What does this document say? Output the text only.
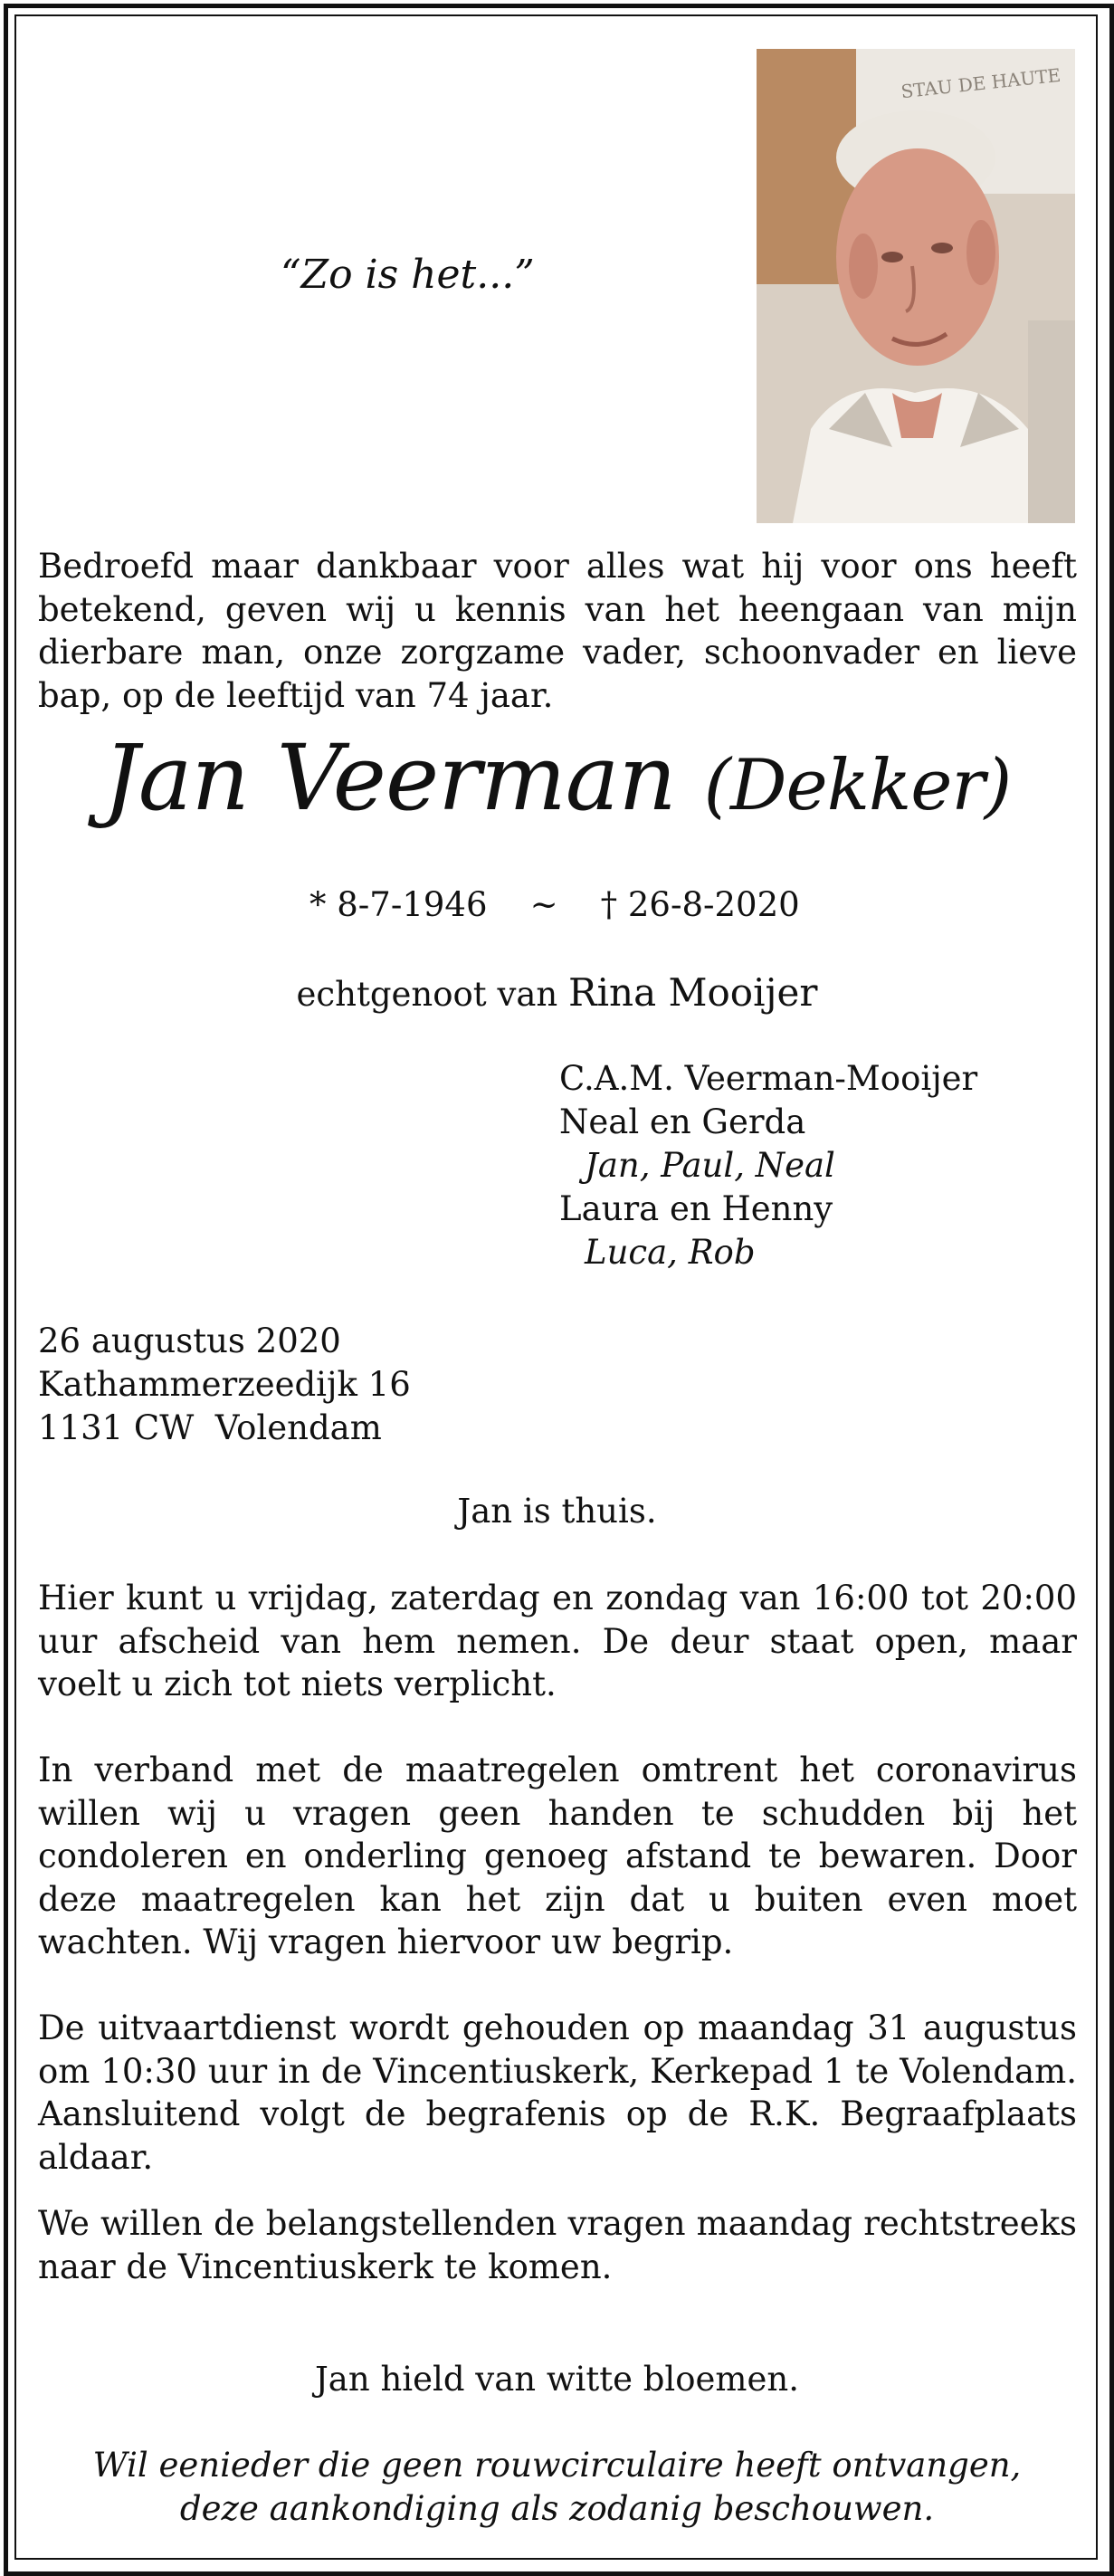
“Zo is het...”
STAU DE HAUTE

Bedroefd maar dankbaar voor alles wat hij voor ons heeft betekend, geven wij u kennis van het heengaan van mijn dierbare man, onze zorgzame vader, schoonvader en lieve bap, op de leeftijd van 74 jaar.

Jan Veerman (Dekker)
* 8-7-1946 ~ † 26-8-2020
echtgenoot van Rina Mooijer
C.A.M. Veerman-Mooijer
Neal en Gerda
Jan, Paul, Neal
Laura en Henny
Luca, Rob
26 augustus 2020
Kathammerzeedijk 16
1131 CW  Volendam
Jan is thuis.

Hier kunt u vrijdag, zaterdag en zondag van 16:00 tot 20:00 uur afscheid van hem nemen. De deur staat open, maar voelt u zich tot niets verplicht.

In verband met de maatregelen omtrent het coronavirus willen wij u vragen geen handen te schudden bij het condoleren en onderling genoeg afstand te bewaren. Door deze maatregelen kan het zijn dat u buiten even moet wachten. Wij vragen hiervoor uw begrip.

De uitvaartdienst wordt gehouden op maandag 31 augustus om 10:30 uur in de Vincentiuskerk, Kerkepad 1 te Volendam. Aansluitend volgt de begrafenis op de R.K. Begraafplaats aldaar.

We willen de belangstellenden vragen maandag rechtstreeks naar de Vincentiuskerk te komen.

Jan hield van witte bloemen.
Wil eenieder die geen rouwcirculaire heeft ontvangen,
deze aankondiging als zodanig beschouwen.
